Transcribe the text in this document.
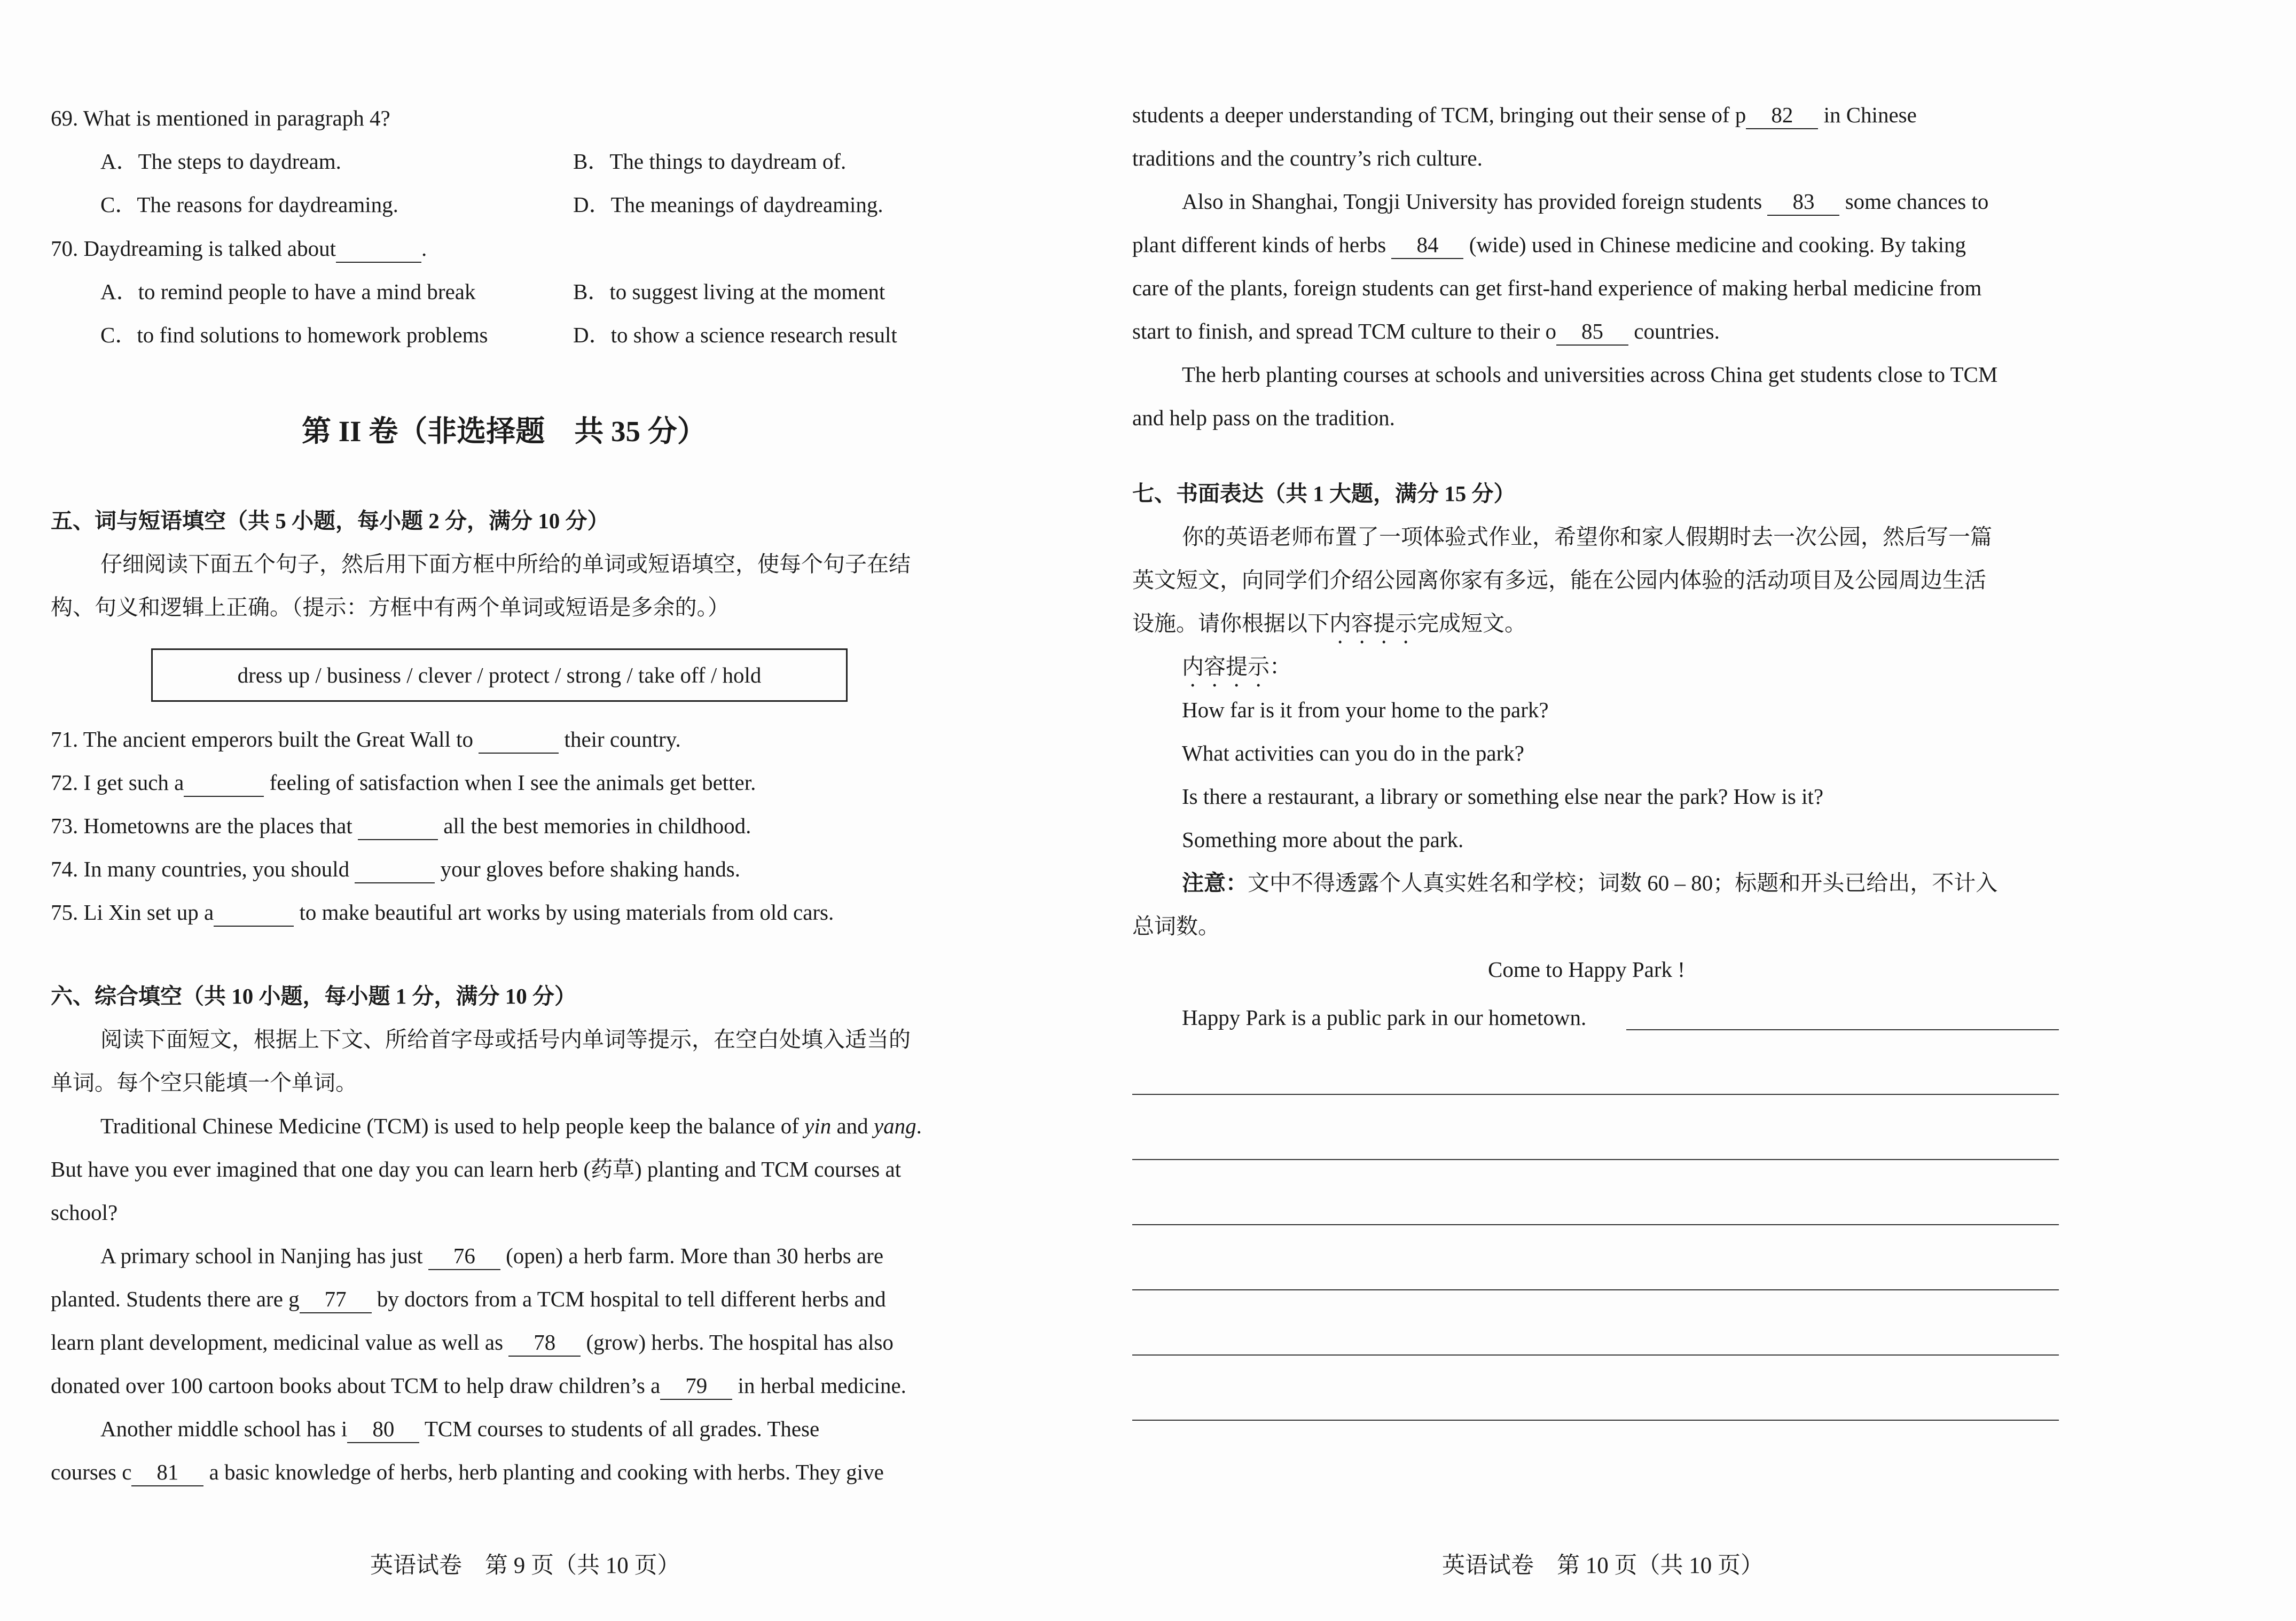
69. What is mentioned in paragraph 4?
A．The steps to daydream.	B．The things to daydream of.
C．The reasons for daydreaming.	D．The meanings of daydreaming.
70. Daydreaming is talked about	.
A．to remind people to have a mind break	B．to suggest living at the moment
C．to find solutions to homework problems	D．to show a science research result
第 II 卷（非选择题　共 35 分）
五、词与短语填空（共 5 小题，每小题 2 分，满分 10 分）
仔细阅读下面五个句子，然后用下面方框中所给的单词或短语填空，使每个句子在结
构、句义和逻辑上正确。（提示：方框中有两个单词或短语是多余的。）
dress up / business / clever / protect / strong / take off / hold
71. The ancient emperors built the Great Wall to	their country.
72. I get such a	feeling of satisfaction when I see the animals get better.
73. Hometowns are the places that	all the best memories in childhood.
74. In many countries, you should	your gloves before shaking hands.
75. Li Xin set up a	to make beautiful art works by using materials from old cars.
六、综合填空（共 10 小题，每小题 1 分，满分 10 分）
阅读下面短文，根据上下文、所给首字母或括号内单词等提示，在空白处填入适当的
单词。每个空只能填一个单词。
Traditional Chinese Medicine (TCM) is used to help people keep the balance of yin and yang.
But have you ever imagined that one day you can learn herb (药草) planting and TCM courses at
school?
A primary school in Nanjing has just 76 (open) a herb farm. More than 30 herbs are
planted. Students there are g 77 by doctors from a TCM hospital to tell different herbs and
learn plant development, medicinal value as well as 78 (grow) herbs. The hospital has also
donated over 100 cartoon books about TCM to help draw children’s a 79 in herbal medicine.
Another middle school has i 80 TCM courses to students of all grades. These
courses c 81 a basic knowledge of herbs, herb planting and cooking with herbs. They give
英语试卷　第 9 页（共 10 页）
students a deeper understanding of TCM, bringing out their sense of p 82 in Chinese
traditions and the country’s rich culture.
Also in Shanghai, Tongji University has provided foreign students 83 some chances to
plant different kinds of herbs 84 (wide) used in Chinese medicine and cooking. By taking
care of the plants, foreign students can get first-hand experience of making herbal medicine from
start to finish, and spread TCM culture to their o 85 countries.
The herb planting courses at schools and universities across China get students close to TCM
and help pass on the tradition.
七、书面表达（共 1 大题，满分 15 分）
你的英语老师布置了一项体验式作业，希望你和家人假期时去一次公园，然后写一篇
英文短文，向同学们介绍公园离你家有多远，能在公园内体验的活动项目及公园周边生活
设施。请你根据以下内容提示完成短文。
内容提示：
How far is it from your home to the park?
What activities can you do in the park?
Is there a restaurant, a library or something else near the park? How is it?
Something more about the park.
注意：文中不得透露个人真实姓名和学校；词数 60 – 80；标题和开头已给出，不计入
总词数。
Come to Happy Park !
Happy Park is a public park in our hometown.
英语试卷　第 10 页（共 10 页）
